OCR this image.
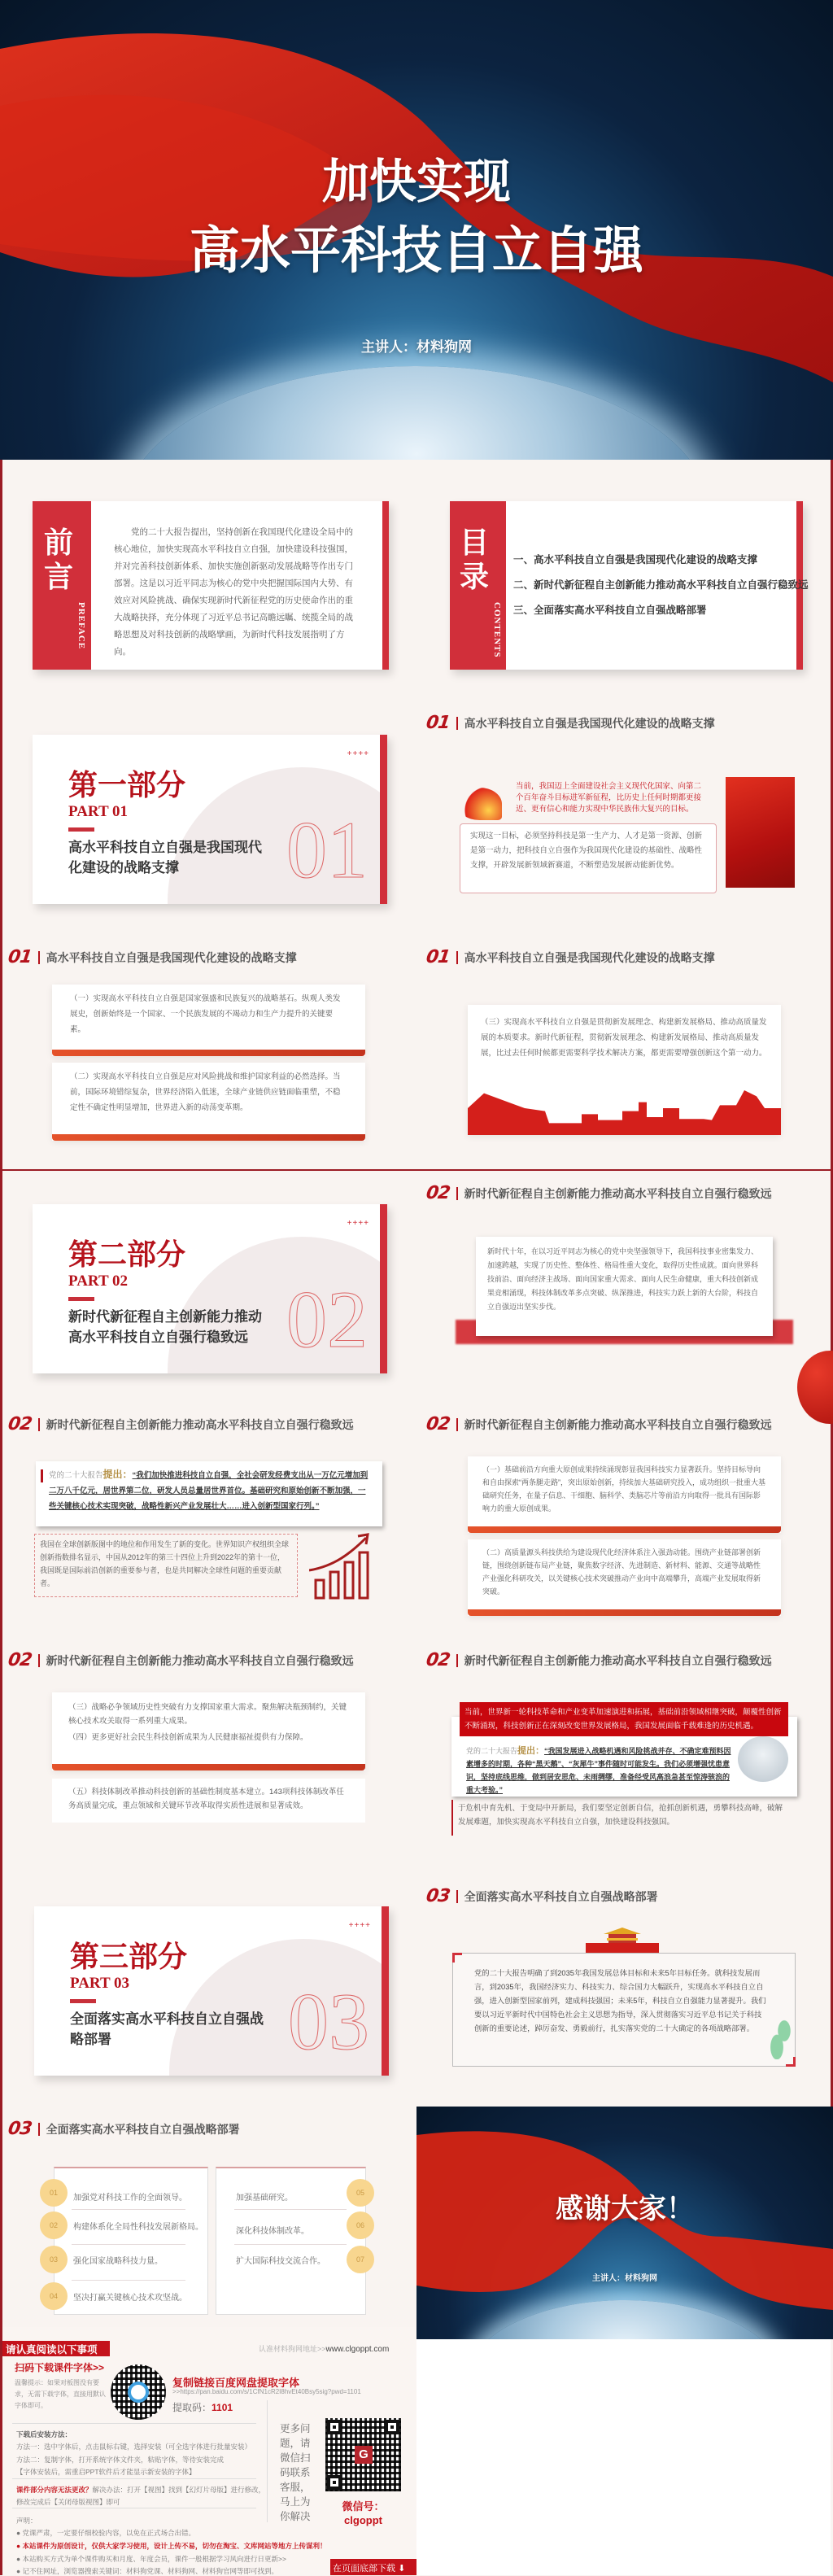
加快实现
高水平科技自立自强
主讲人：材料狗网
前言
PREFACE
党的二十大报告提出，坚持创新在我国现代化建设全局中的核心地位，加快实现高水平科技自立自强，加快建设科技强国，并对完善科技创新体系、加快实施创新驱动发展战略等作出专门部署。这是以习近平同志为核心的党中央把握国际国内大势、有效应对风险挑战、确保实现新时代新征程党的历史使命作出的重大战略抉择，充分体现了习近平总书记高瞻远瞩、统揽全局的战略思想及对科技创新的战略擘画，为新时代科技发展指明了方向。
目录
CONTENTS
一、高水平科技自立自强是我国现代化建设的战略支撑
二、新时代新征程自主创新能力推动高水平科技自立自强行稳致远
三、全面落实高水平科技自立自强战略部署
++++
第一部分
PART 01
高水平科技自立自强是我国现代化建设的战略支撑	01
01 高水平科技自立自强是我国现代化建设的战略支撑
当前，我国迈上全面建设社会主义现代化国家、向第二个百年奋斗目标进军新征程，比历史上任何时期都更接近、更有信心和能力实现中华民族伟大复兴的目标。
实现这一目标，必须坚持科技是第一生产力、人才是第一资源、创新是第一动力，把科技自立自强作为我国现代化建设的基础性、战略性支撑，开辟发展新领域新赛道，不断塑造发展新动能新优势。
01 高水平科技自立自强是我国现代化建设的战略支撑
（一）实现高水平科技自立自强是国家强盛和民族复兴的战略基石。纵观人类发展史，创新始终是一个国家、一个民族发展的不竭动力和生产力提升的关键要素。
（二）实现高水平科技自立自强是应对风险挑战和维护国家利益的必然选择。当前，国际环境错综复杂，世界经济陷入低迷，全球产业链供应链面临重塑，不稳定性不确定性明显增加，世界进入新的动荡变革期。
01 高水平科技自立自强是我国现代化建设的战略支撑
（三）实现高水平科技自立自强是贯彻新发展理念、构建新发展格局、推动高质量发展的本质要求。新时代新征程，贯彻新发展理念、构建新发展格局、推动高质量发展，比过去任何时候都更需要科学技术解决方案，都更需要增强创新这个第一动力。
++++
第二部分
PART 02
新时代新征程自主创新能力推动高水平科技自立自强行稳致远 02
02 新时代新征程自主创新能力推动高水平科技自立自强行稳致远
新时代十年，在以习近平同志为核心的党中央坚强领导下，我国科技事业密集发力、加速跨越，实现了历史性、整体性、格局性重大变化，取得历史性成就。面向世界科技前沿、面向经济主战场、面向国家重大需求、面向人民生命健康，重大科技创新成果竞相涌现，科技体制改革多点突破、纵深推进，科技实力跃上新的大台阶，科技自立自强迈出坚实步伐。
02 新时代新征程自主创新能力推动高水平科技自立自强行稳致远
党的二十大报告提出：“我们加快推进科技自立自强，全社会研发经费支出从一万亿元增加到二万八千亿元，居世界第二位，研发人员总量居世界首位。基础研究和原始创新不断加强，一些关键核心技术实现突破，战略性新兴产业发展壮大……进入创新型国家行列。”
我国在全球创新版图中的地位和作用发生了新的变化。世界知识产权组织全球创新指数排名显示，中国从2012年的第三十四位上升到2022年的第十一位，我国既是国际前沿创新的重要参与者，也是共同解决全球性问题的重要贡献者。
02 新时代新征程自主创新能力推动高水平科技自立自强行稳致远
（一）基础前沿方向重大原创成果持续涌现彰显我国科技实力显著跃升。坚持目标导向和自由探索“两条腿走路”，突出原始创新，持续加大基础研究投入，成功组织一批重大基础研究任务，在量子信息、干细胞、脑科学、类脑芯片等前沿方向取得一批具有国际影响力的重大原创成果。
（二）高质量源头科技供给为建设现代化经济体系注入强劲动能。围绕产业链部署创新链，围绕创新链布局产业链，聚焦数字经济、先进制造、新材料、能源、交通等战略性产业强化科研攻关，以关键核心技术突破推动产业向中高端攀升，高端产业发展取得新突破。
02 新时代新征程自主创新能力推动高水平科技自立自强行稳致远
（三）战略必争领域历史性突破有力支撑国家重大需求。聚焦解决瓶颈制约，关键核心技术攻关取得一系列重大成果。
（四）更多更好社会民生科技创新成果为人民健康福祉提供有力保障。
（五）科技体制改革推动科技创新的基础性制度基本建立。143项科技体制改革任务高质量完成，重点领域和关键环节改革取得实质性进展和显著成效。
02 新时代新征程自主创新能力推动高水平科技自立自强行稳致远
党的二十大报告提出：“我国发展进入战略机遇和风险挑战并存、不确定难预料因素增多的时期，各种“黑天鹅”、“灰犀牛”事件随时可能发生。我们必须增强忧患意识，坚持底线思维，做到居安思危、未雨绸缪，准备经受风高浪急甚至惊涛骇浪的重大考验。”
当前，世界新一轮科技革命和产业变革加速演进和拓展，基础前沿领域相继突破，颠覆性创新不断涌现，科技创新正在深刻改变世界发展格局，我国发展面临千载难逢的历史机遇。
于危机中育先机、于变局中开新局，我们要坚定创新自信，抢抓创新机遇，勇攀科技高峰，破解发展难题，加快实现高水平科技自立自强，加快建设科技强国。
++++
第三部分
PART 03
全面落实高水平科技自立自强战略部署	03
03 全面落实高水平科技自立自强战略部署
党的二十大报告明确了到2035年我国发展总体目标和未来5年目标任务。就科技发展而言，到2035年，我国经济实力、科技实力、综合国力大幅跃升，实现高水平科技自立自强，进入创新型国家前列，建成科技强国；未来5年，科技自立自强能力显著提升。我们要以习近平新时代中国特色社会主义思想为指导，深入贯彻落实习近平总书记关于科技创新的重要论述，踔厉奋发、勇毅前行，扎实落实党的二十大确定的各项战略部署。
03 全面落实高水平科技自立自强战略部署
01
加强党对科技工作的全面领导。
02	构建体系化全局性科技发展新格局。
03	强化国家战略科技力量。
04	坚决打赢关键核心技术攻坚战。
加强基础研究。
05
深化科技体制改革。
06
扩大国际科技交流合作。	07
感谢大家！
主讲人：材料狗网
请认真阅读以下事项	认准材料狗网地址>>www.clgoppt.com
扫码下载课件字体>>
温馨提示：如果对板图没有要求，无需下载字体，直接用默认字体即可。
复制链接百度网盘提取字体
>>https://pan.baidu.com/s/1CfN1cR2I8hvEt40Bsy5sig?pwd=1101
提取码：1101
下载后安装方法：
方法一：选中字体后，点击鼠标右键，选择安装（可全选字体进行批量安装）
方法二：复制字体，打开系统字体文件夹，粘贴字体，等待安装完成
【字体安装后，需重启PPT软件后才能显示新安装的字体】
课件部分内容无法更改？解决办法：打开【视图】找到【幻灯片母版】进行修改，
修改完成后【关闭母版视图】即可
声明：
● 党课严肃，一定要仔细校验内容，以免在正式场合出错。
● 本站课件为原创设计，仅供大家学习使用，设计上传不易，切勿在淘宝、文库网站等地方上传谋利！
● 本站购买方式为单个课件购买和月度、年度会员，课件一般根据学习风向进行日更新>>
● 记不住网址，浏览器搜索关键词：材料狗党课、材料狗网、材料狗官网等即可找到。
更多问题，请微信扫码联系客服，马上为你解决
G
微信号：
clgoppt
在页面底部下载 ⬇
